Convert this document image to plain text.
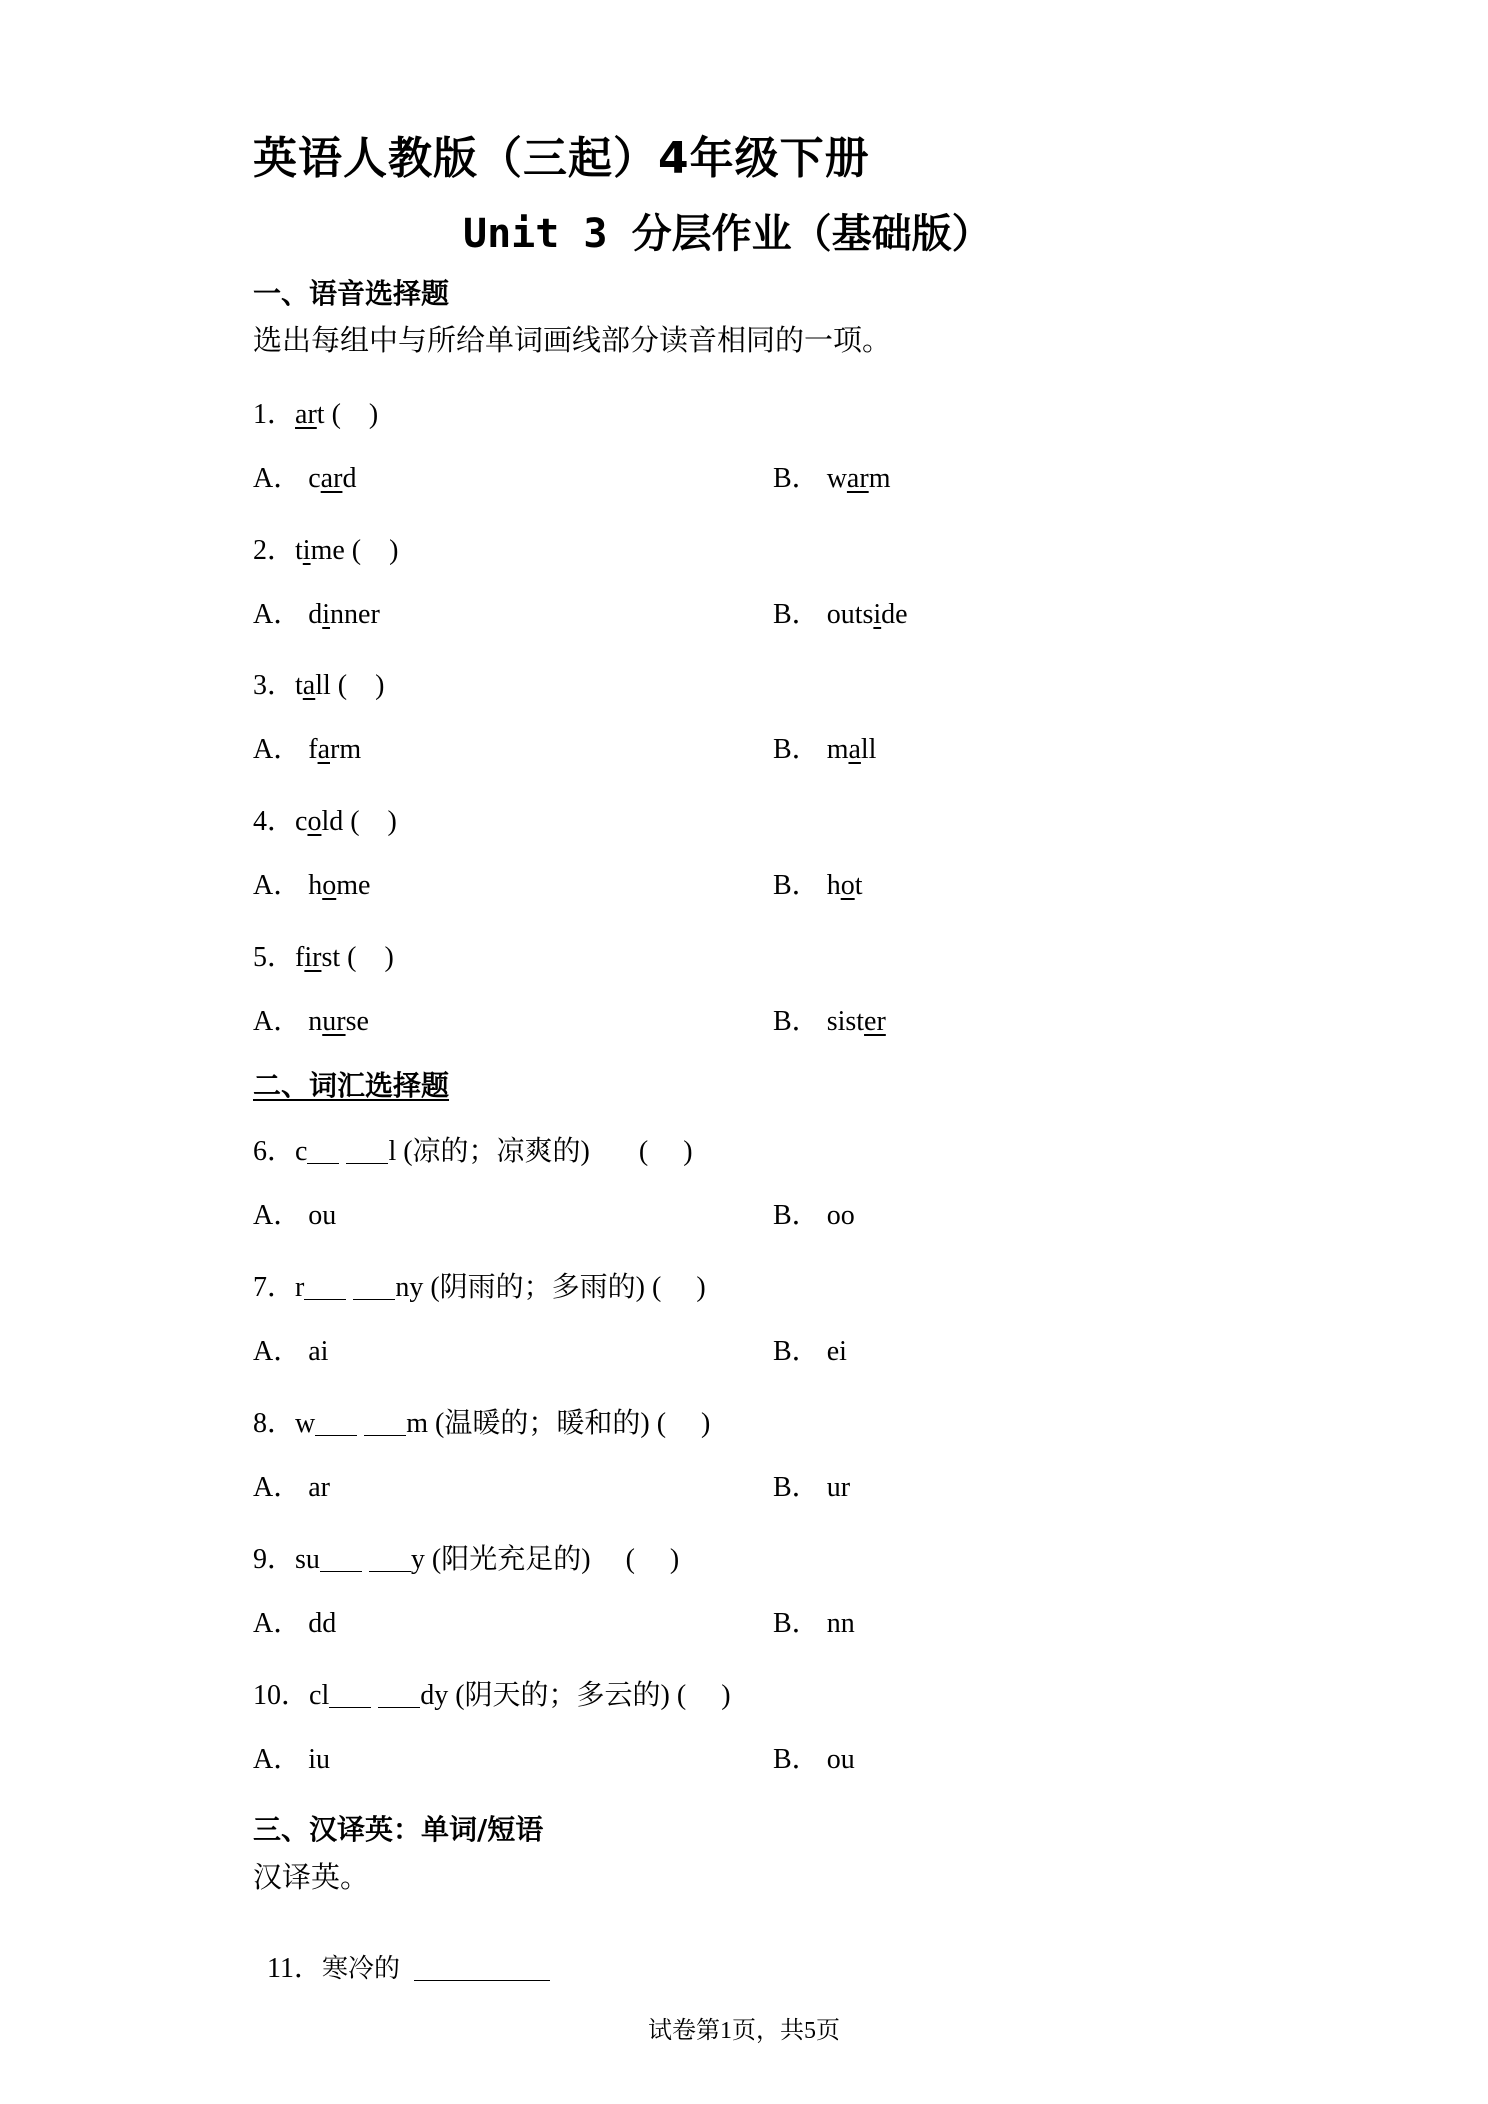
英语人教版（三起）4年级下册
Unit 3 分层作业（基础版）
一、语音选择题
选出每组中与所给单词画线部分读音相同的一项。
1．art (    )
A． card	B． warm
2．time (    )
A． dinner	B． outside
3．tall (    )
A． farm	B． mall
4．cold (    )
A． home	B． hot
5．first (    )
A． nurse	B． sister
二、词汇选择题
6．c	l (凉的；凉爽的)       (     )
A． ou	B． oo
7．r	ny (阴雨的；多雨的) (     )
A． ai	B． ei
8．w	m (温暖的；暖和的) (     )
A． ar	B． ur
9．su	y (阳光充足的)     (     )
A． dd	B． nn
10．cl	dy (阴天的；多云的) (     )
A． iu	B． ou
三、汉译英：单词/短语
汉译英。

11．寒冷的

试卷第1页，共5页
